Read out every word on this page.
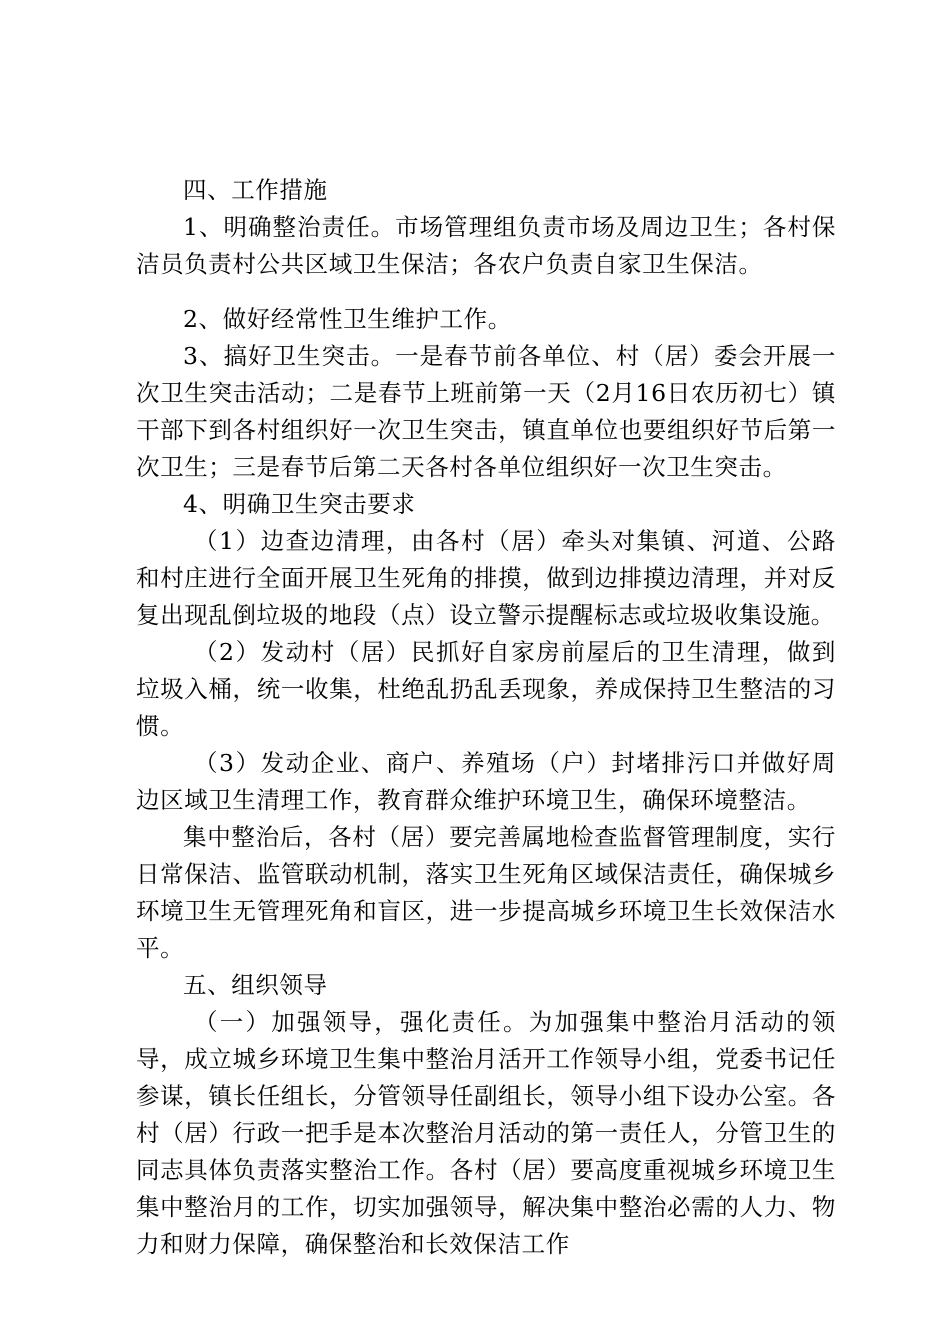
四、工作措施

1、明确整治责任。市场管理组负责市场及周边卫生；各村保洁员负责村公共区域卫生保洁；各农户负责自家卫生保洁。

2、做好经常性卫生维护工作。

3、搞好卫生突击。一是春节前各单位、村（居）委会开展一次卫生突击活动；二是春节上班前第一天（2月16日农历初七）镇干部下到各村组织好一次卫生突击，镇直单位也要组织好节后第一次卫生；三是春节后第二天各村各单位组织好一次卫生突击。

4、明确卫生突击要求

（1）边查边清理，由各村（居）牵头对集镇、河道、公路和村庄进行全面开展卫生死角的排摸，做到边排摸边清理，并对反复出现乱倒垃圾的地段（点）设立警示提醒标志或垃圾收集设施。

（2）发动村（居）民抓好自家房前屋后的卫生清理，做到垃圾入桶，统一收集，杜绝乱扔乱丢现象，养成保持卫生整洁的习惯。

（3）发动企业、商户、养殖场（户）封堵排污口并做好周边区域卫生清理工作，教育群众维护环境卫生，确保环境整洁。

集中整治后，各村（居）要完善属地检查监督管理制度，实行日常保洁、监管联动机制，落实卫生死角区域保洁责任，确保城乡环境卫生无管理死角和盲区，进一步提高城乡环境卫生长效保洁水平。

五、组织领导

（一）加强领导，强化责任。为加强集中整治月活动的领导，成立城乡环境卫生集中整治月活开工作领导小组，党委书记任参谋，镇长任组长，分管领导任副组长，领导小组下设办公室。各村（居）行政一把手是本次整治月活动的第一责任人，分管卫生的同志具体负责落实整治工作。各村（居）要高度重视城乡环境卫生集中整治月的工作，切实加强领导，解决集中整治必需的人力、物力和财力保障，确保整治和长效保洁工作
